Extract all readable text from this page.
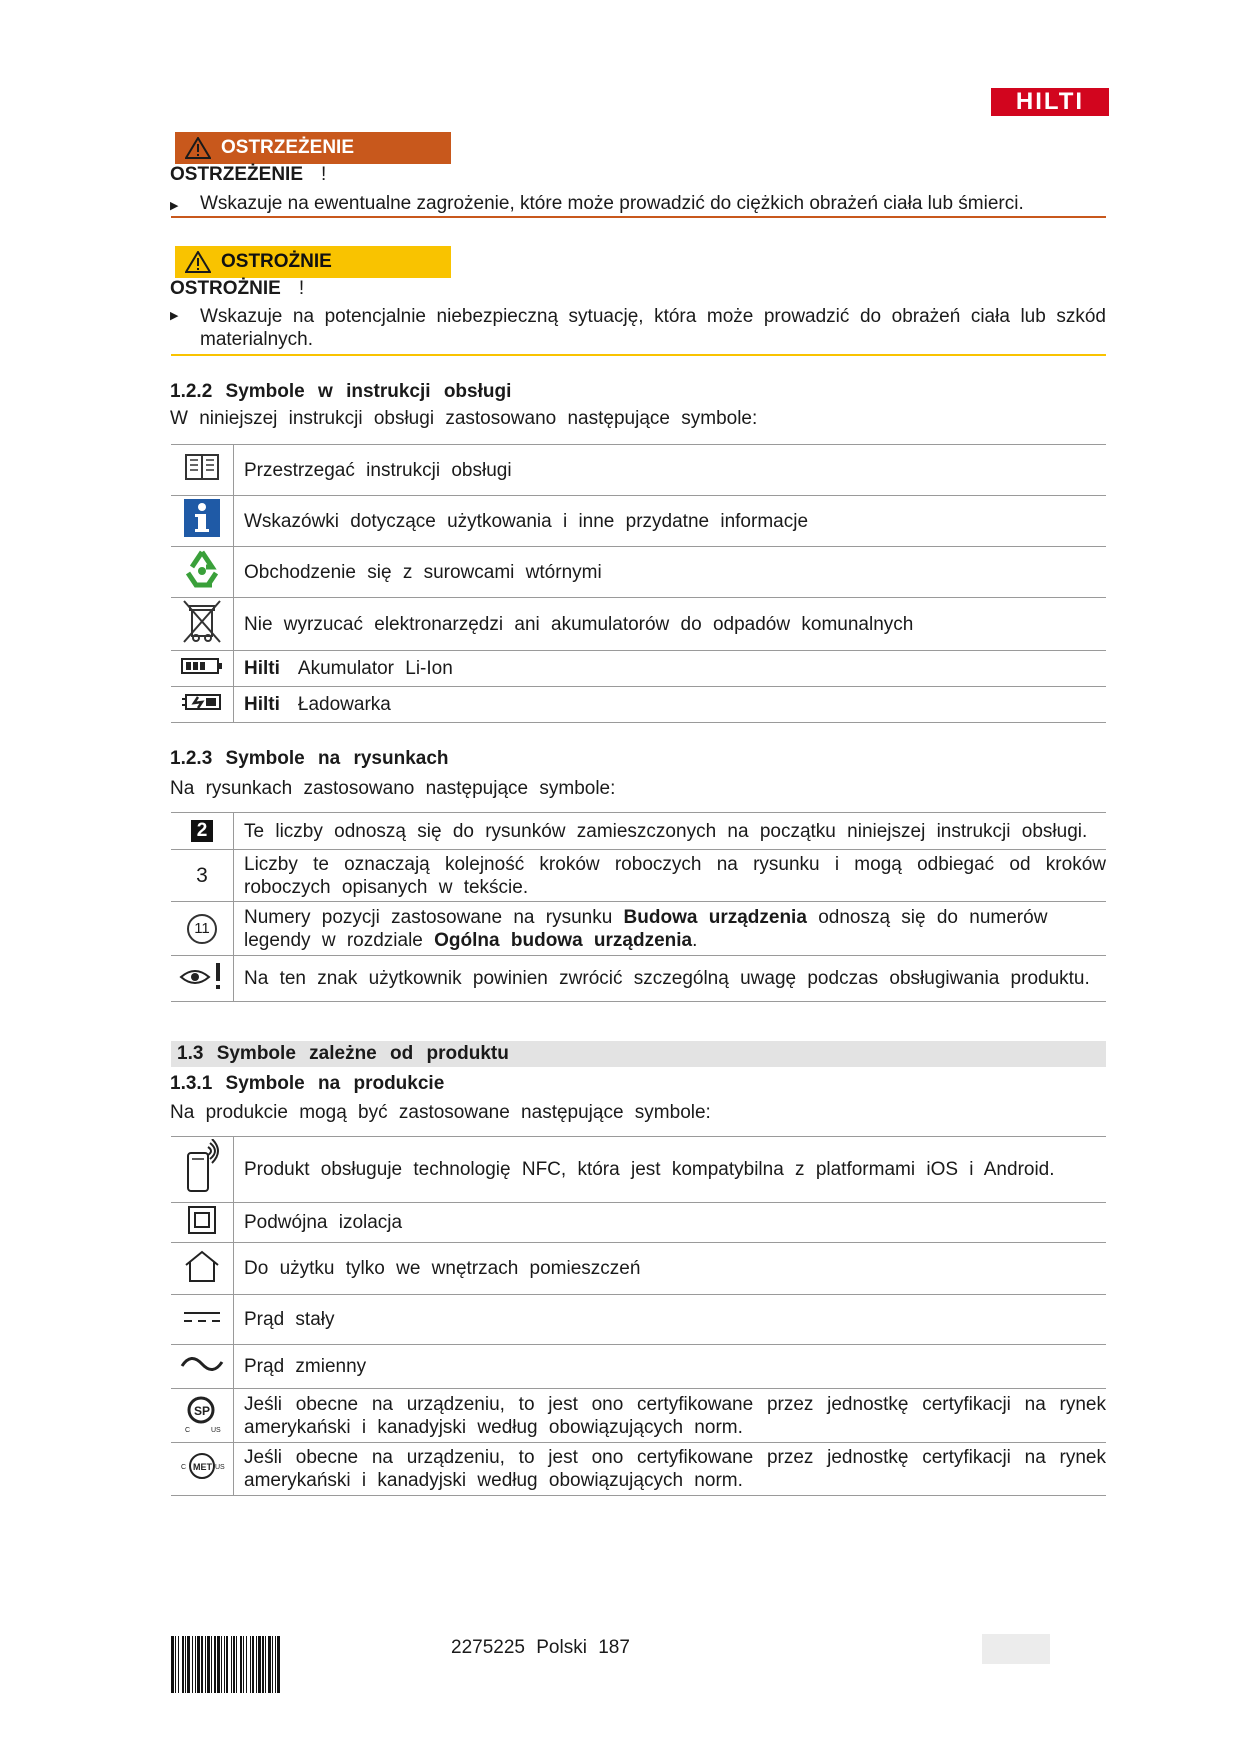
HILTI
OSTRZEŻENIE
OSTRZEŻENIE !
▶ Wskazuje na ewentualne zagrożenie, które może prowadzić do ciężkich obrażeń ciała lub śmierci.
OSTROŻNIE
OSTROŻNIE !
▶	Wskazuje na potencjalnie niebezpieczną sytuację, która może prowadzić do obrażeń ciała lub szkód materialnych.
1.2.2 Symbole w instrukcji obsługi
W niniejszej instrukcji obsługi zastosowano następujące symbole:
	Przestrzegać instrukcji obsługi
	Wskazówki dotyczące użytkowania i inne przydatne informacje
	Obchodzenie się z surowcami wtórnymi
	Nie wyrzucać elektronarzędzi ani akumulatorów do odpadów komunalnych
	Hilti Akumulator Li-Ion
	Hilti Ładowarka
1.2.3 Symbole na rysunkach
Na rysunkach zastosowano następujące symbole:
2	Te liczby odnoszą się do rysunków zamieszczonych na początku niniejszej instrukcji obsługi.
3	Liczby te oznaczają kolejność kroków roboczych na rysunku i mogą odbiegać od kroków roboczych opisanych w tekście.
11	Numery pozycji zastosowane na rysunku Budowa urządzenia odnoszą się do numerów legendy w rozdziale Ogólna budowa urządzenia.
	Na ten znak użytkownik powinien zwrócić szczególną uwagę podczas obsługiwania produktu.
1.3 Symbole zależne od produktu
1.3.1 Symbole na produkcie
Na produkcie mogą być zastosowane następujące symbole:
	Produkt obsługuje technologię NFC, która jest kompatybilna z platformami iOS i Android.
	Podwójna izolacja
	Do użytku tylko we wnętrzach pomieszczeń
	Prąd stały
	Prąd zmienny

SP
C US	Jeśli obecne na urządzeniu, to jest ono certyfikowane przez jednostkę certyfikacji na rynek amerykański i kanadyjski według obowiązujących norm.

MET
C US	Jeśli obecne na urządzeniu, to jest ono certyfikowane przez jednostkę certyfikacji na rynek amerykański i kanadyjski według obowiązujących norm.
2275225 Polski 187
